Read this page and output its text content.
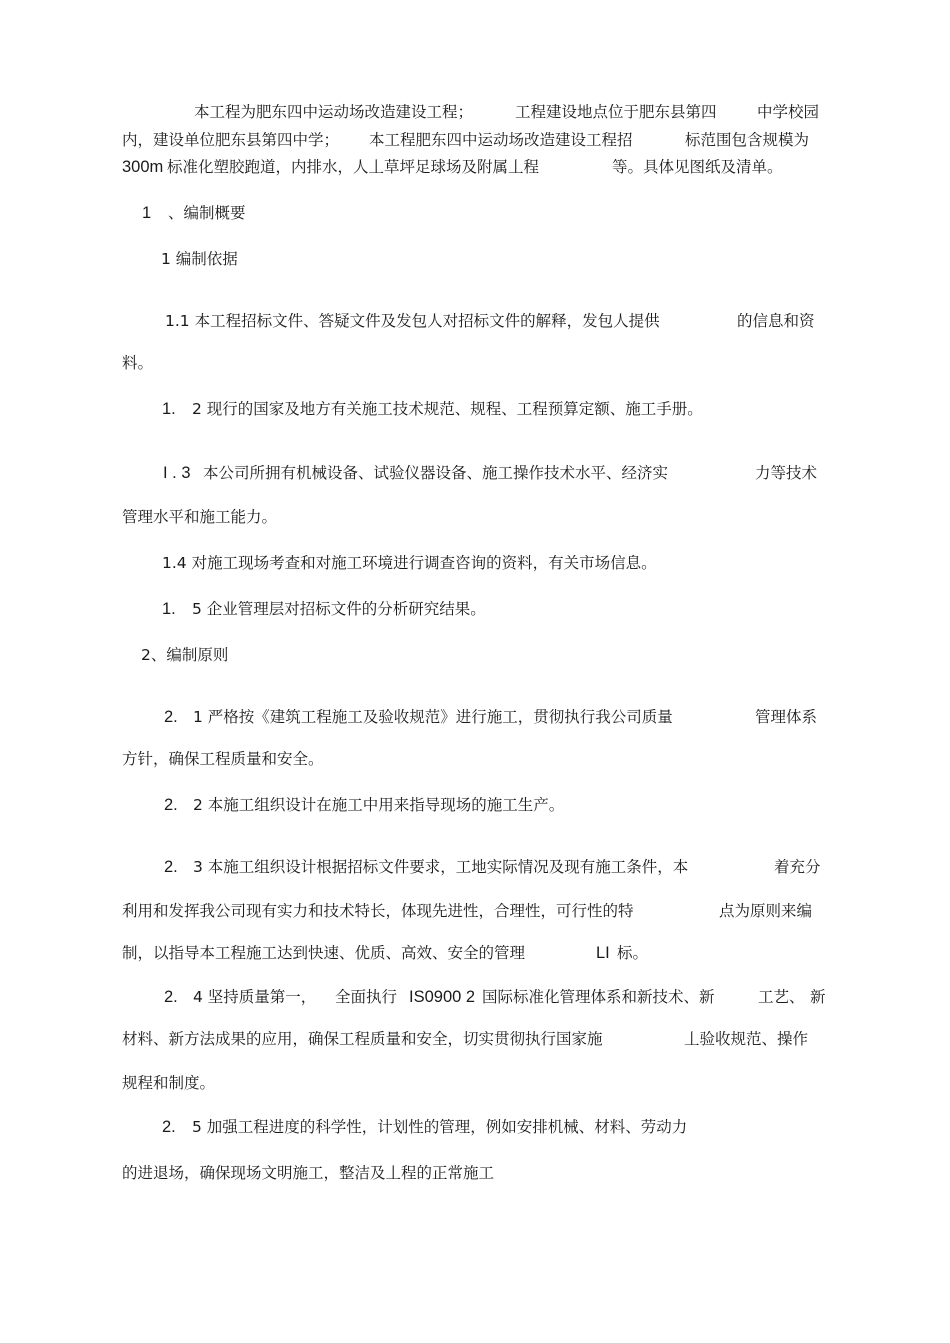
本工程为肥东四中运动场改造建设工程；	工程建设地点位于肥东县第四	中学校园
内，建设单位肥东县第四中学； 本工程肥东四中运动场改造建设工程招	标范围包含规模为
300m 标准化塑胶跑道，内排水，人丄草坪足球场及附属丄程	等。具体见图纸及清单。
1 、编制概要
1 编制依据
1.1 本工程招标文件、答疑文件及发包人对招标文件的解释，发包人提供	的信息和资
料。
1. 2 现行的国家及地方有关施工技术规范、规程、工程预算定额、施工手册。
I . 3 本公司所拥有机械设备、试验仪器设备、施工操作技术水平、经济实	力等技术
管理水平和施工能力。
1.4 对施工现场考查和对施工环境进行调查咨询的资料，有关市场信息。
1. 5 企业管理层对招标文件的分析研究结果。
2、编制原则
2. 1 严格按《建筑工程施工及验收规范》进行施工，贯彻执行我公司质量	管理体系
方针，确保工程质量和安全。
2. 2 本施工组织设计在施工中用来指导现场的施工生产。
2. 3 本施工组织设计根据招标文件要求，工地实际情况及现有施工条件，本	着充分
利用和发挥我公司现有实力和技术特长，体现先进性，合理性，可行性的特	点为原则来编
制，以指导本工程施工达到快速、优质、高效、安全的管理	LI 标。
2. 4 坚持质量第一， 全面执行 IS0900 2 国际标准化管理体系和新技术、新	工艺、 新
材料、新方法成果的应用，确保工程质量和安全，切实贯彻执行国家施	丄验收规范、操作
规程和制度。
2. 5 加强工程进度的科学性，计划性的管理，例如安排机械、材料、劳动力
的进退场，确保现场文明施工，整洁及丄程的正常施工
